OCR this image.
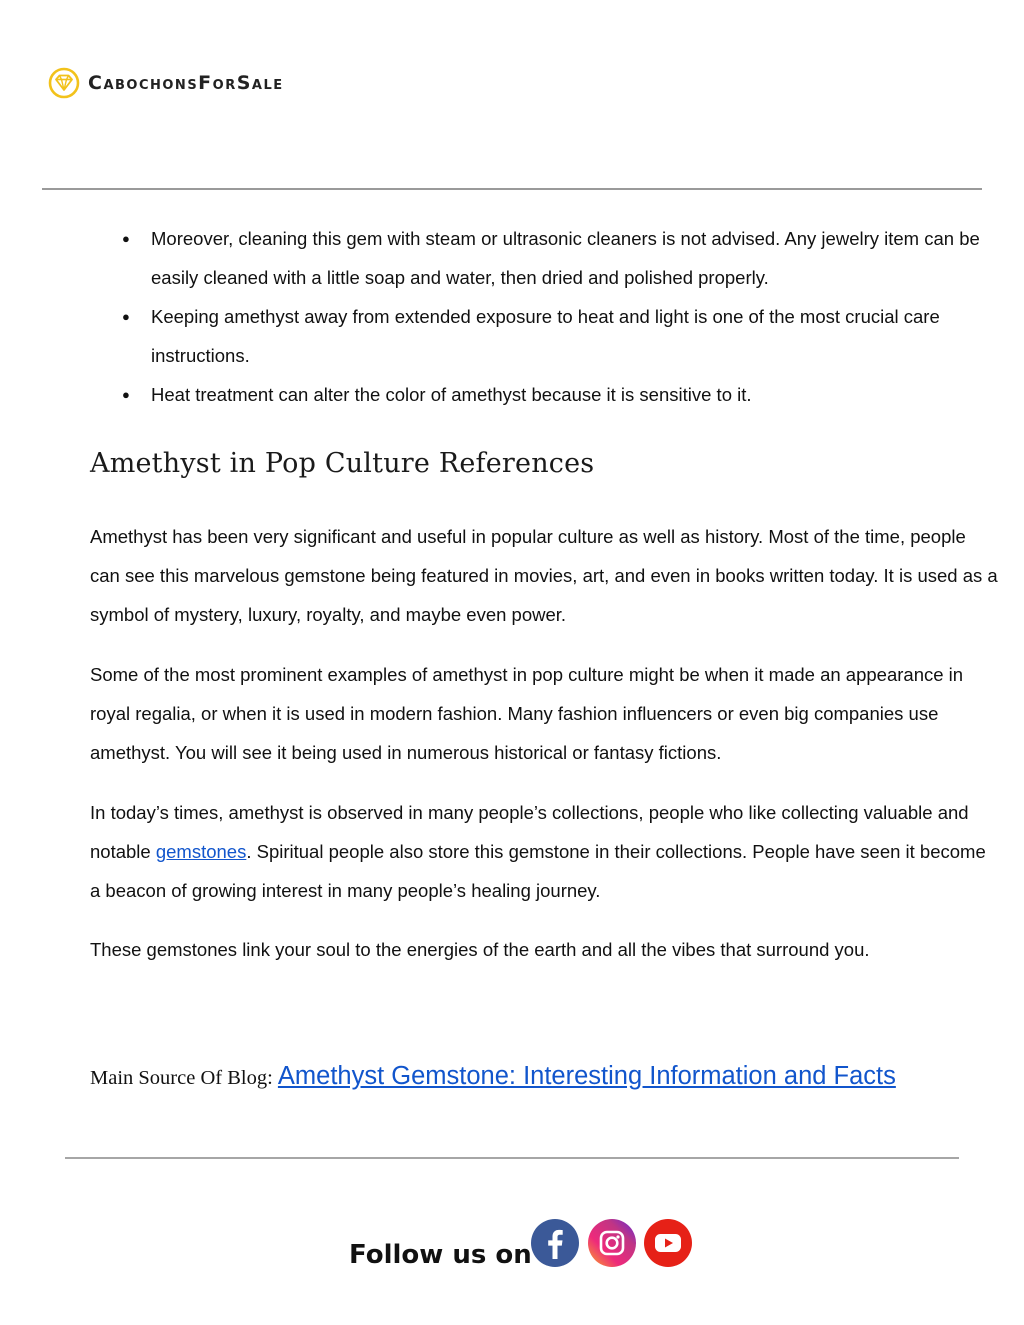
CabochonsForSale
● Moreover, cleaning this gem with steam or ultrasonic cleaners is not advised. Any jewelry item can be easily cleaned with a little soap and water, then dried and polished properly.
● Keeping amethyst away from extended exposure to heat and light is one of the most crucial care instructions.
● Heat treatment can alter the color of amethyst because it is sensitive to it.
Amethyst in Pop Culture References

Amethyst has been very significant and useful in popular culture as well as history. Most of the time, people can see this marvelous gemstone being featured in movies, art, and even in books written today. It is used as a symbol of mystery, luxury, royalty, and maybe even power.

Some of the most prominent examples of amethyst in pop culture might be when it made an appearance in royal regalia, or when it is used in modern fashion. Many fashion influencers or even big companies use amethyst. You will see it being used in numerous historical or fantasy fictions.

In today’s times, amethyst is observed in many people’s collections, people who like collecting valuable and notable gemstones. Spiritual people also store this gemstone in their collections. People have seen it become a beacon of growing interest in many people’s healing journey.

These gemstones link your soul to the energies of the earth and all the vibes that surround you.

Main Source Of Blog: Amethyst Gemstone: Interesting Information and Facts
Follow us on
